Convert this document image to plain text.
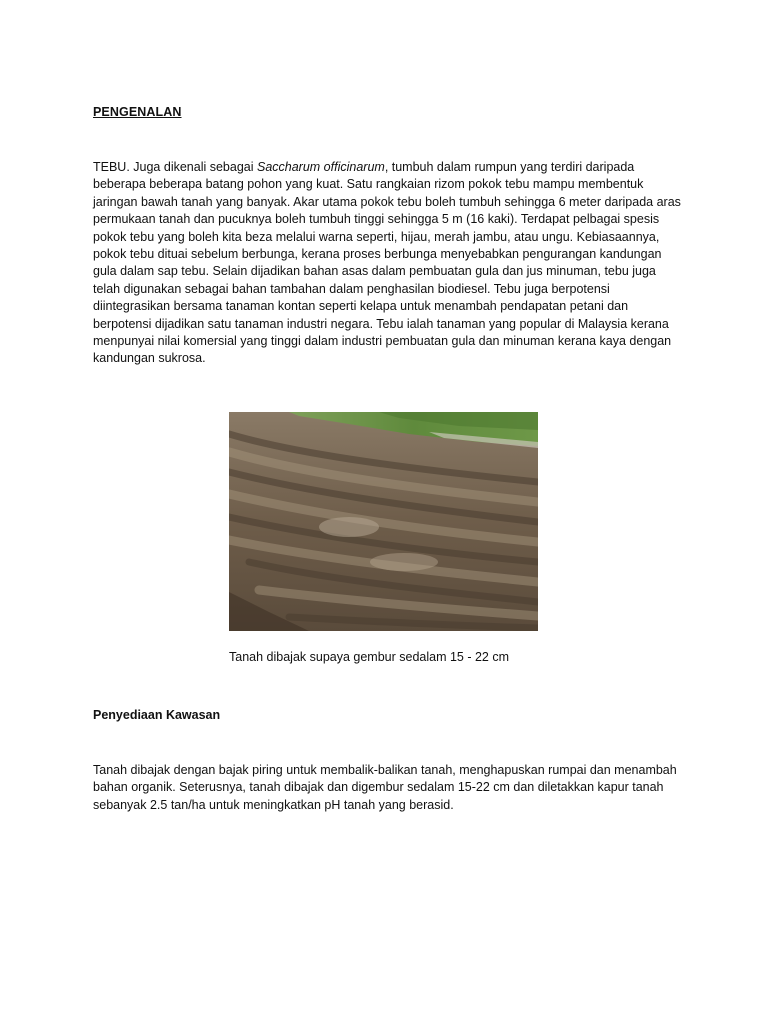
PENGENALAN

TEBU. Juga dikenali sebagai Saccharum officinarum, tumbuh dalam rumpun yang terdiri daripada beberapa beberapa batang pohon yang kuat. Satu rangkaian rizom pokok tebu mampu membentuk jaringan bawah tanah yang banyak. Akar utama pokok tebu boleh tumbuh sehingga 6 meter daripada aras permukaan tanah dan pucuknya boleh tumbuh tinggi sehingga 5 m (16 kaki). Terdapat pelbagai spesis pokok tebu yang boleh kita beza melalui warna seperti, hijau, merah jambu, atau ungu. Kebiasaannya, pokok tebu dituai sebelum berbunga, kerana proses berbunga menyebabkan pengurangan kandungan gula dalam sap tebu. Selain dijadikan bahan asas dalam pembuatan gula dan jus minuman, tebu juga telah digunakan sebagai bahan tambahan dalam penghasilan biodiesel. Tebu juga berpotensi diintegrasikan bersama tanaman kontan seperti kelapa untuk menambah pendapatan petani dan berpotensi dijadikan satu tanaman industri negara. Tebu ialah tanaman yang popular di Malaysia kerana menpunyai nilai komersial yang tinggi dalam industri pembuatan gula dan minuman kerana kaya dengan kandungan sukrosa.

Tanah dibajak supaya gembur sedalam 15 - 22 cm
Penyediaan Kawasan

Tanah dibajak dengan bajak piring untuk membalik-balikan tanah, menghapuskan rumpai dan menambah bahan organik. Seterusnya, tanah dibajak dan digembur sedalam 15-22 cm dan diletakkan kapur tanah sebanyak 2.5 tan/ha untuk meningkatkan pH tanah yang berasid.
